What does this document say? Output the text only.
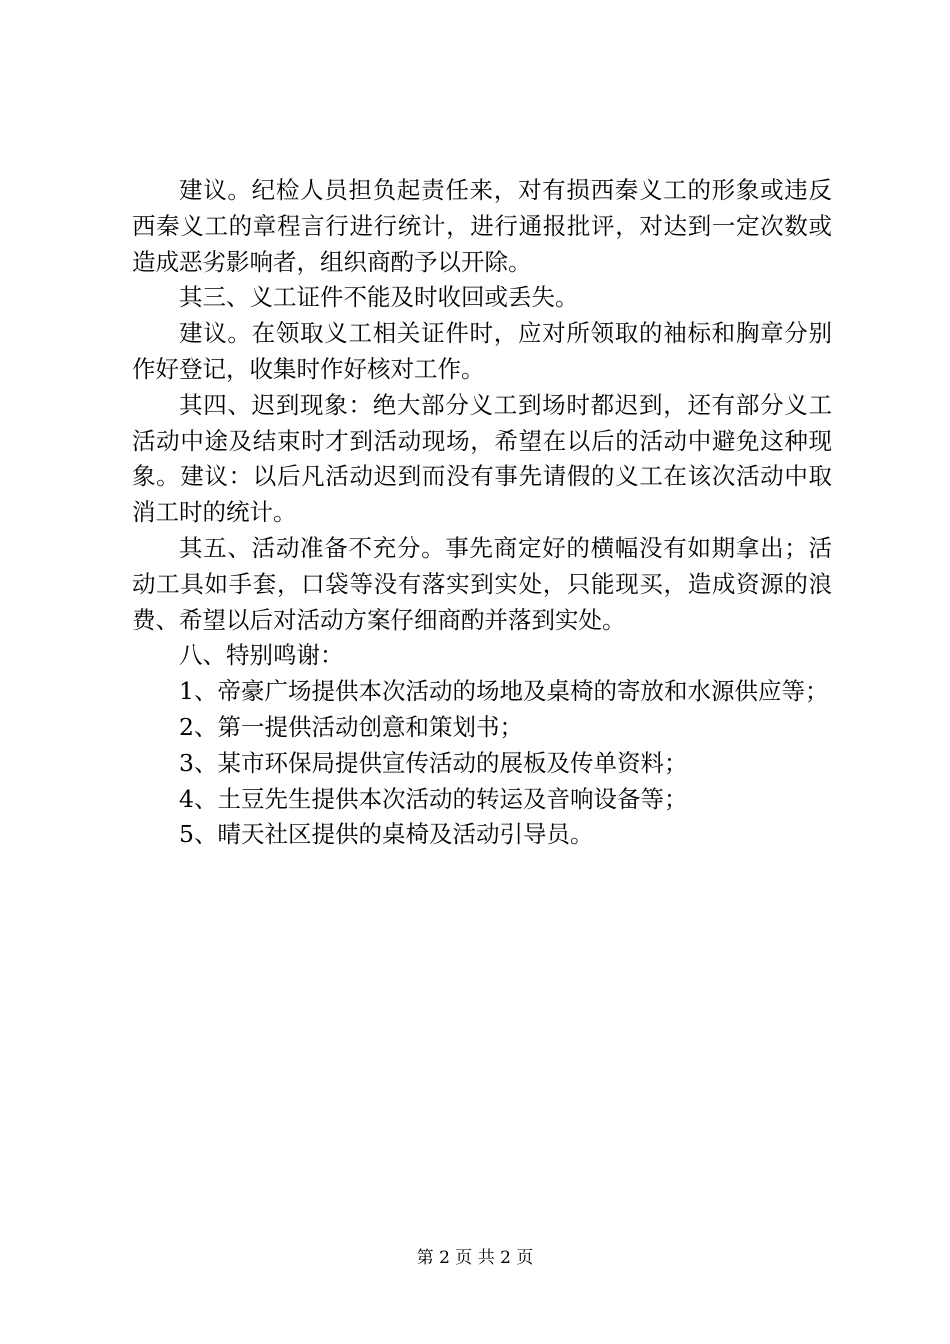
建议。纪检人员担负起责任来，对有损西秦义工的形象或违反西秦义工的章程言行进行统计，进行通报批评，对达到一定次数或造成恶劣影响者，组织商酌予以开除。

其三、义工证件不能及时收回或丢失。

建议。在领取义工相关证件时，应对所领取的袖标和胸章分别作好登记，收集时作好核对工作。

其四、迟到现象：绝大部分义工到场时都迟到，还有部分义工活动中途及结束时才到活动现场，希望在以后的活动中避免这种现象。建议：以后凡活动迟到而没有事先请假的义工在该次活动中取消工时的统计。

其五、活动准备不充分。事先商定好的横幅没有如期拿出；活动工具如手套，口袋等没有落实到实处，只能现买，造成资源的浪费、希望以后对活动方案仔细商酌并落到实处。

八、特别鸣谢：

1、帝豪广场提供本次活动的场地及桌椅的寄放和水源供应等；

2、第一提供活动创意和策划书；

3、某市环保局提供宣传活动的展板及传单资料；

4、土豆先生提供本次活动的转运及音响设备等；

5、晴天社区提供的桌椅及活动引导员。

第 2 页 共 2 页
